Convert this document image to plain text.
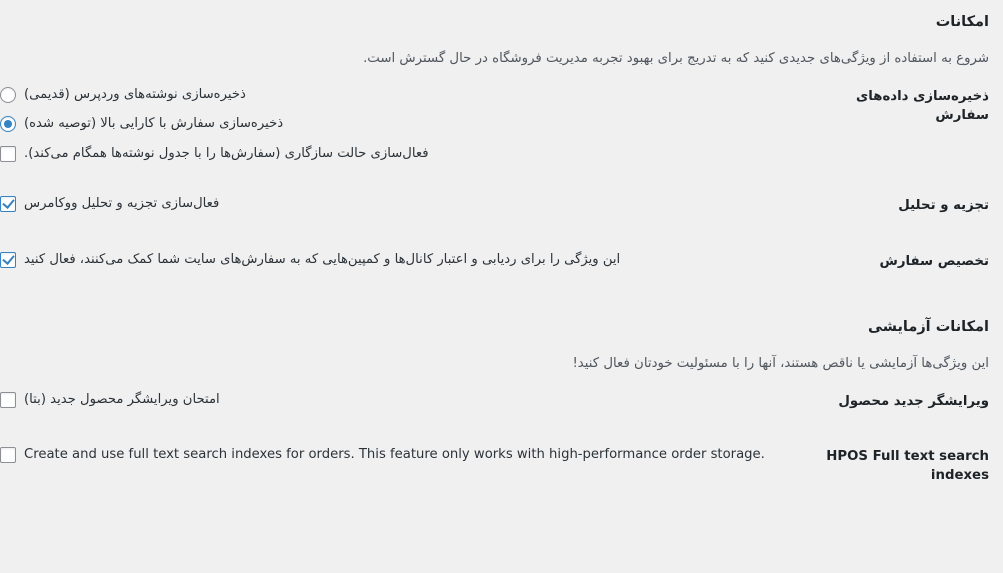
امکانات

شروع به استفاده از ویژگی‌های جدیدی کنید که به تدریج برای بهبود تجربه مدیریت فروشگاه در حال گسترش است.

ذخیره‌سازی داده‌های سفارش	ذخیره‌سازی نوشته‌های وردپرس (قدیمی)
ذخیره‌سازی سفارش با کارایی بالا (توصیه شده)
فعال‌سازی حالت سازگاری (سفارش‌ها را با جدول نوشته‌ها همگام می‌کند).

تجزیه و تحلیل	فعال‌سازی تجزیه و تحلیل ووکامرس

تخصیص سفارش	این ویژگی را برای ردیابی و اعتبار کانال‌ها و کمپین‌هایی که به سفارش‌های سایت شما کمک می‌کنند، فعال کنید
امکانات آزمایشی

این ویژگی‌ها آزمایشی یا ناقص هستند، آنها را با مسئولیت خودتان فعال کنید!

ویرایشگر جدید محصول	امتحان ویرایشگر محصول جدید (بتا)

HPOS Full text search indexes	Create and use full text search indexes for orders. This feature only works with high-performance order storage.
